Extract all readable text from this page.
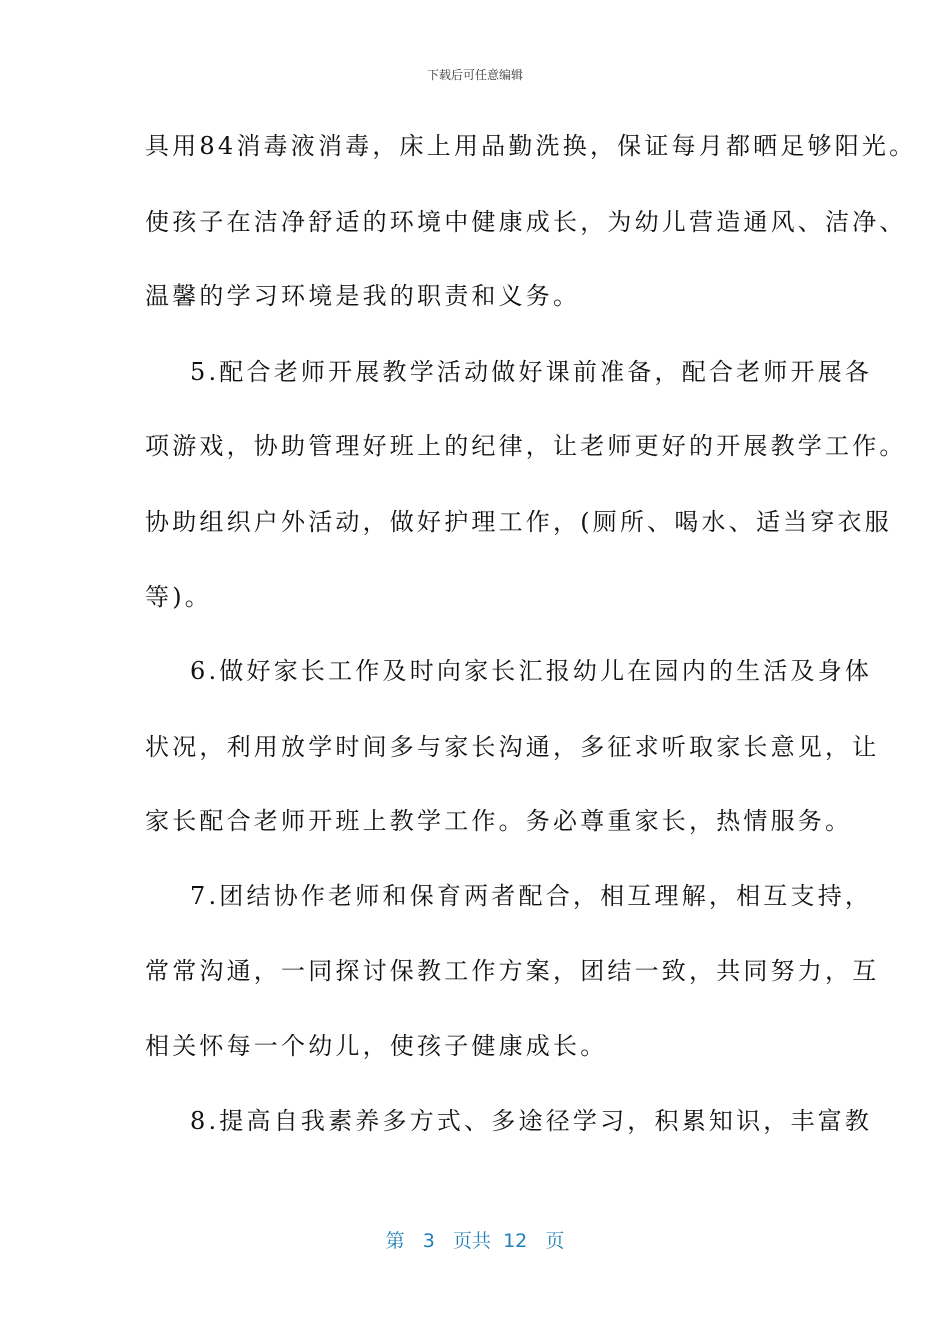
下载后可任意编辑
具用84消毒液消毒，床上用品勤洗换，保证每月都晒足够阳光。
使孩子在洁净舒适的环境中健康成长，为幼儿营造通风、洁净、
温馨的学习环境是我的职责和义务。
5.配合老师开展教学活动做好课前准备，配合老师开展各
项游戏，协助管理好班上的纪律，让老师更好的开展教学工作。
协助组织户外活动，做好护理工作，(厕所、喝水、适当穿衣服
等)。
6.做好家长工作及时向家长汇报幼儿在园内的生活及身体
状况，利用放学时间多与家长沟通，多征求听取家长意见，让
家长配合老师开班上教学工作。务必尊重家长，热情服务。
7.团结协作老师和保育两者配合，相互理解，相互支持，
常常沟通，一同探讨保教工作方案，团结一致，共同努力，互
相关怀每一个幼儿，使孩子健康成长。
8.提高自我素养多方式、多途径学习，积累知识，丰富教
第 3 页共 12 页
